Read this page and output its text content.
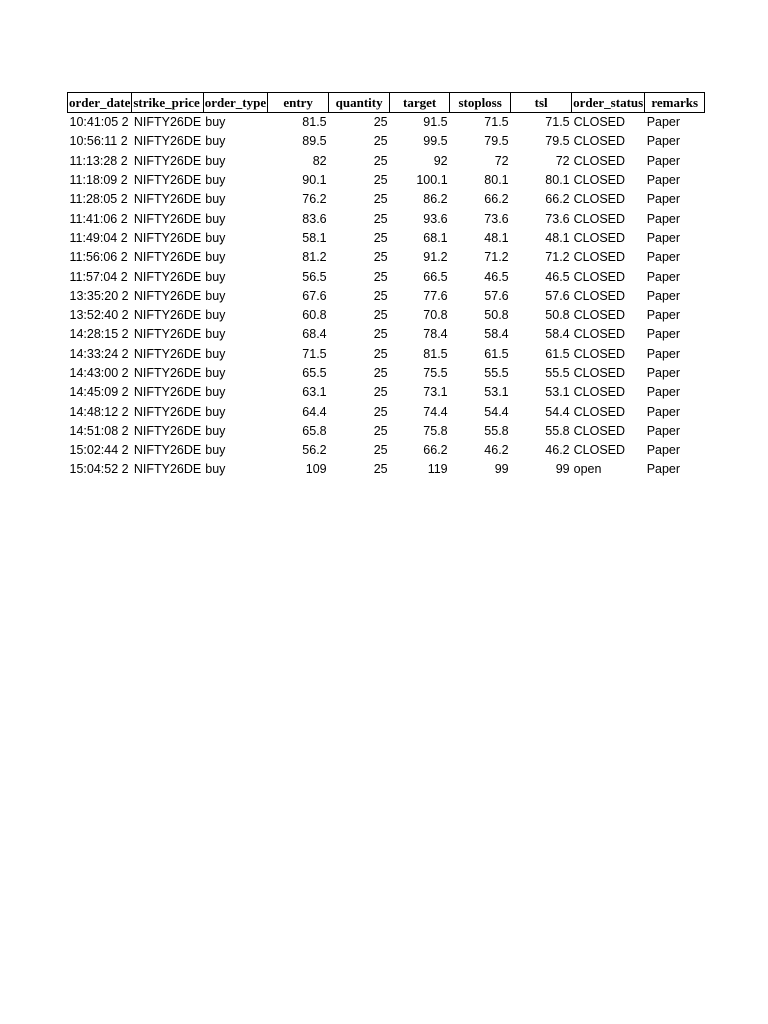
order_date	strike_price	order_type	entry	quantity	target	stoploss	tsl	order_status	remarks
10:41:05 2	NIFTY26DE	buy	81.5	25	91.5	71.5	71.5	CLOSED	Paper
10:56:11 2	NIFTY26DE	buy	89.5	25	99.5	79.5	79.5	CLOSED	Paper
11:13:28 2	NIFTY26DE	buy	82	25	92	72	72	CLOSED	Paper
11:18:09 2	NIFTY26DE	buy	90.1	25	100.1	80.1	80.1	CLOSED	Paper
11:28:05 2	NIFTY26DE	buy	76.2	25	86.2	66.2	66.2	CLOSED	Paper
11:41:06 2	NIFTY26DE	buy	83.6	25	93.6	73.6	73.6	CLOSED	Paper
11:49:04 2	NIFTY26DE	buy	58.1	25	68.1	48.1	48.1	CLOSED	Paper
11:56:06 2	NIFTY26DE	buy	81.2	25	91.2	71.2	71.2	CLOSED	Paper
11:57:04 2	NIFTY26DE	buy	56.5	25	66.5	46.5	46.5	CLOSED	Paper
13:35:20 2	NIFTY26DE	buy	67.6	25	77.6	57.6	57.6	CLOSED	Paper
13:52:40 2	NIFTY26DE	buy	60.8	25	70.8	50.8	50.8	CLOSED	Paper
14:28:15 2	NIFTY26DE	buy	68.4	25	78.4	58.4	58.4	CLOSED	Paper
14:33:24 2	NIFTY26DE	buy	71.5	25	81.5	61.5	61.5	CLOSED	Paper
14:43:00 2	NIFTY26DE	buy	65.5	25	75.5	55.5	55.5	CLOSED	Paper
14:45:09 2	NIFTY26DE	buy	63.1	25	73.1	53.1	53.1	CLOSED	Paper
14:48:12 2	NIFTY26DE	buy	64.4	25	74.4	54.4	54.4	CLOSED	Paper
14:51:08 2	NIFTY26DE	buy	65.8	25	75.8	55.8	55.8	CLOSED	Paper
15:02:44 2	NIFTY26DE	buy	56.2	25	66.2	46.2	46.2	CLOSED	Paper
15:04:52 2	NIFTY26DE	buy	109	25	119	99	99	open	Paper
